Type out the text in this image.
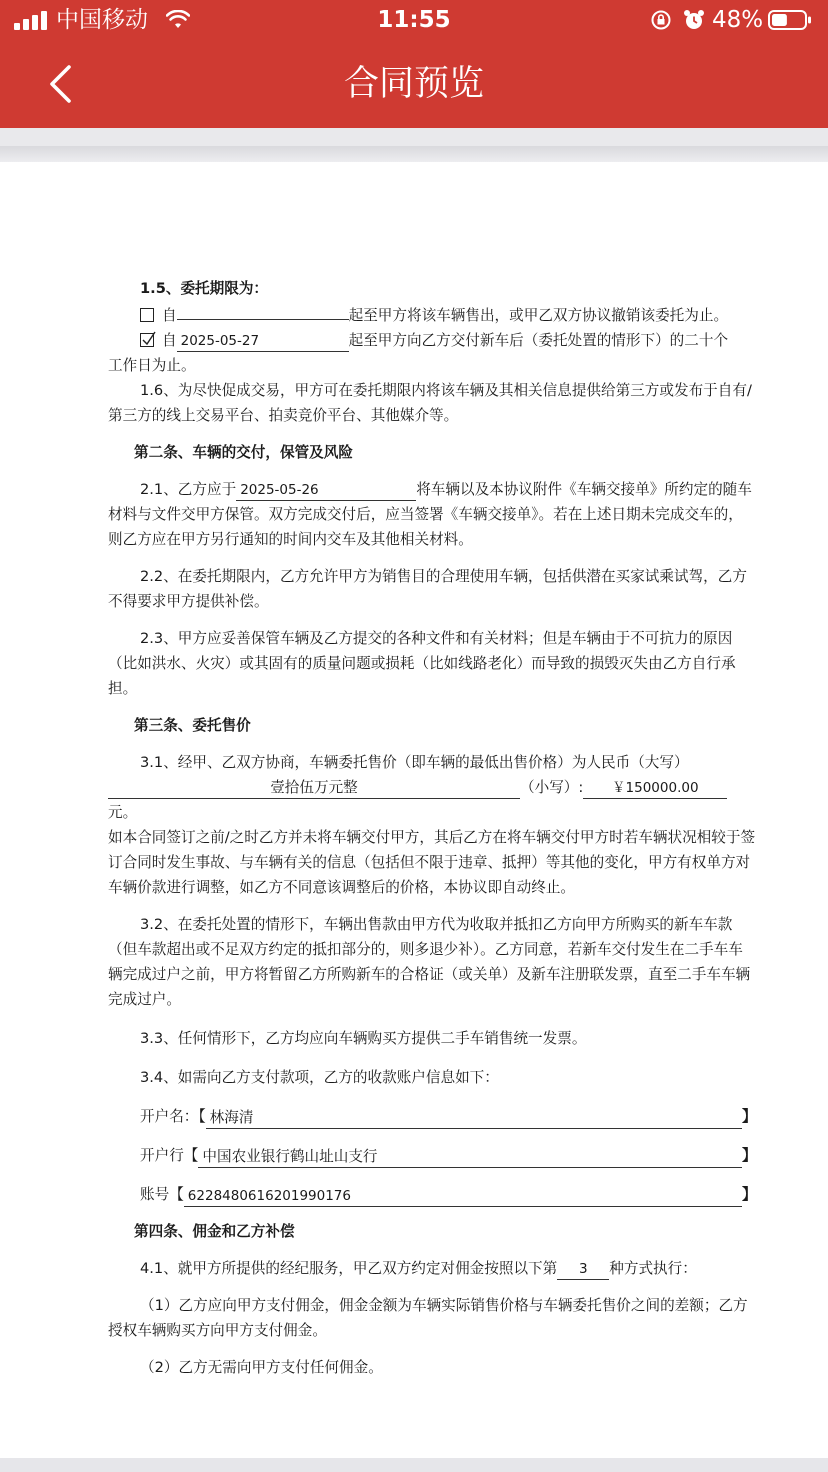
中国移动	11:55	48%
合同预览

1.5、委托期限为：

自	起至甲方将该车辆售出，或甲乙双方协议撤销该委托为止。

自 2025-05-27	起至甲方向乙方交付新车后（委托处置的情形下）的二十个

工作日为止。

1.6、为尽快促成交易，甲方可在委托期限内将该车辆及其相关信息提供给第三方或发布于自有/第三方的线上交易平台、拍卖竞价平台、其他媒介等。

第二条、车辆的交付，保管及风险

2.1、乙方应于 2025-05-26	将车辆以及本协议附件《车辆交接单》所约定的随车材料与文件交甲方保管。双方完成交付后，应当签署《车辆交接单》。若在上述日期未完成交车的，则乙方应在甲方另行通知的时间内交车及其他相关材料。

2.2、在委托期限内，乙方允许甲方为销售目的合理使用车辆，包括供潜在买家试乘试驾，乙方不得要求甲方提供补偿。

2.3、甲方应妥善保管车辆及乙方提交的各种文件和有关材料；但是车辆由于不可抗力的原因（比如洪水、火灾）或其固有的质量问题或损耗（比如线路老化）而导致的损毁灭失由乙方自行承担。

第三条、委托售价

3.1、经甲、乙双方协商，车辆委托售价（即车辆的最低出售价格）为人民币（大写）

壹拾伍万元整	（小写）: ￥150000.00元。

如本合同签订之前/之时乙方并未将车辆交付甲方，其后乙方在将车辆交付甲方时若车辆状况相较于签订合同时发生事故、与车辆有关的信息（包括但不限于违章、抵押）等其他的变化，甲方有权单方对车辆价款进行调整，如乙方不同意该调整后的价格，本协议即自动终止。

3.2、在委托处置的情形下，车辆出售款由甲方代为收取并抵扣乙方向甲方所购买的新车车款（但车款超出或不足双方约定的抵扣部分的，则多退少补）。乙方同意，若新车交付发生在二手车车辆完成过户之前，甲方将暂留乙方所购新车的合格证（或关单）及新车注册联发票，直至二手车车辆完成过户。

3.3、任何情形下，乙方均应向车辆购买方提供二手车销售统一发票。

3.4、如需向乙方支付款项，乙方的收款账户信息如下：

开户名：【 林海清	】
开户行【 中国农业银行鹤山址山支行	】
账号【 6228480616201990176	】

第四条、佣金和乙方补偿

4.1、就甲方所提供的经纪服务，甲乙双方约定对佣金按照以下第 3 种方式执行：

（1）乙方应向甲方支付佣金，佣金金额为车辆实际销售价格与车辆委托售价之间的差额；乙方授权车辆购买方向甲方支付佣金。

（2）乙方无需向甲方支付任何佣金。
